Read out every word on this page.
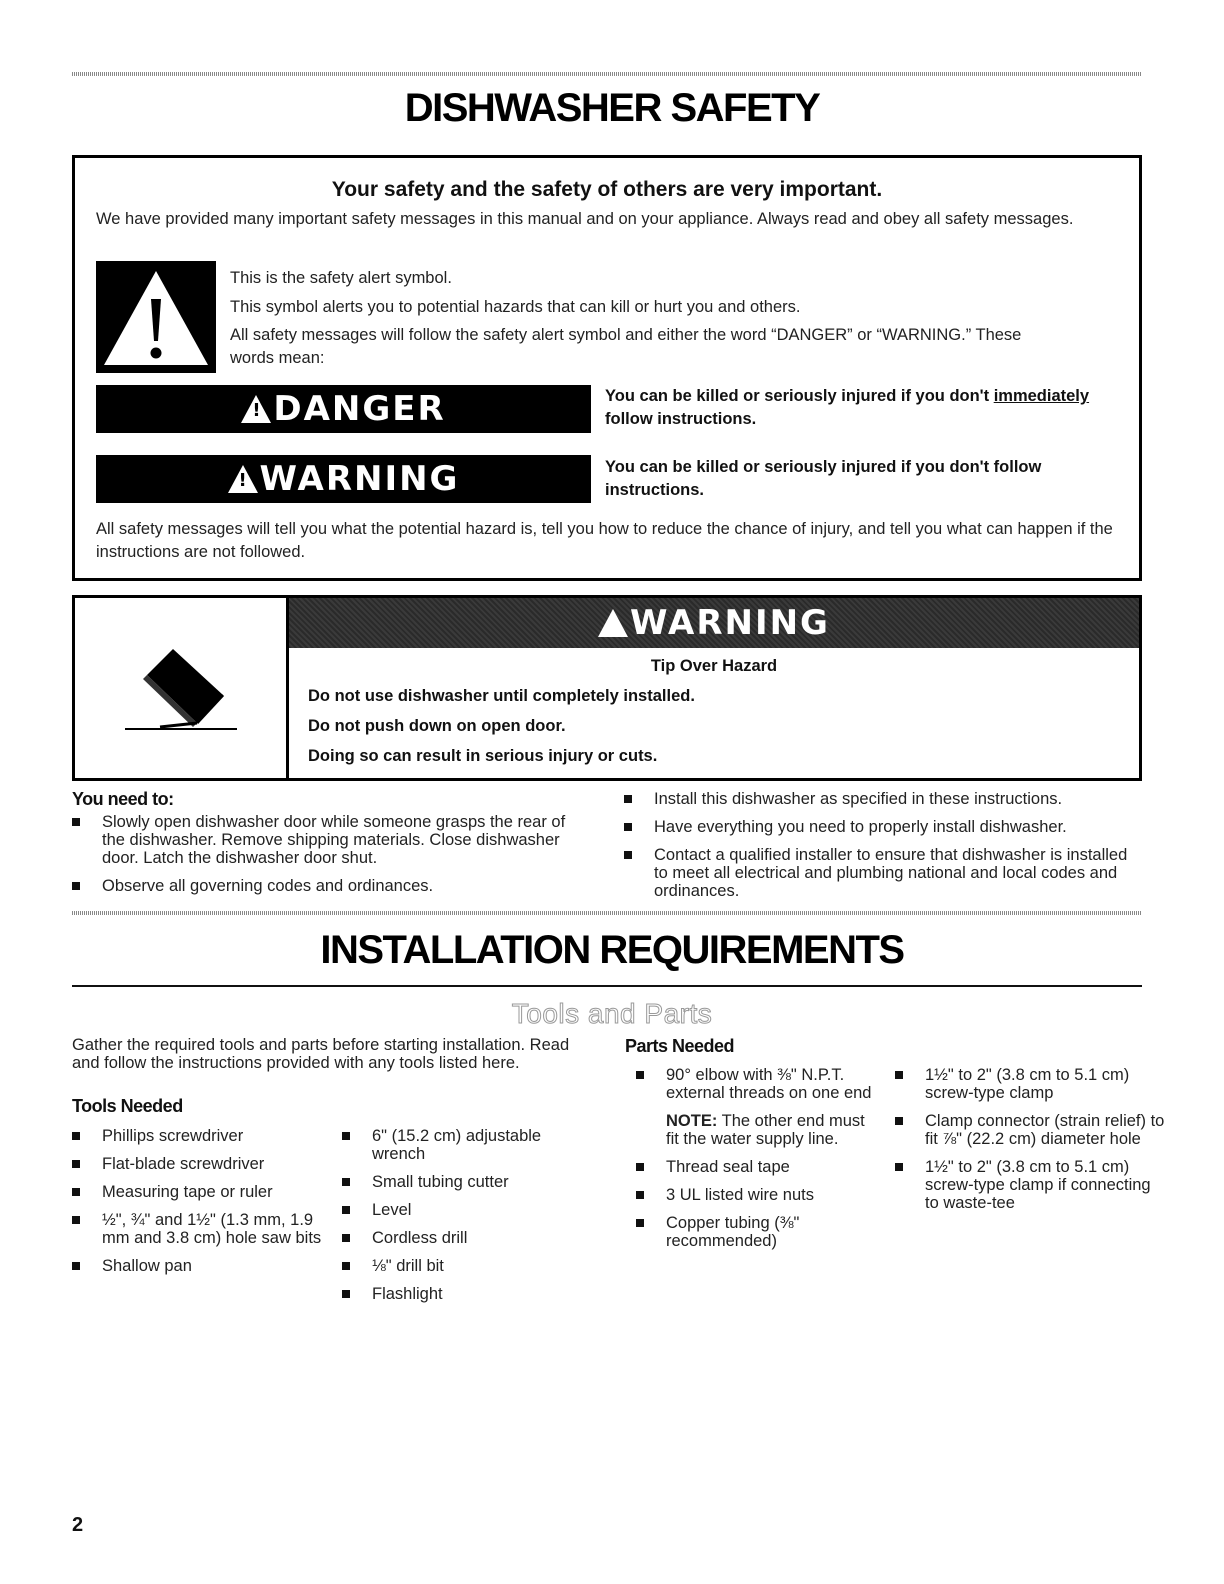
DISHWASHER SAFETY
Your safety and the safety of others are very important.
We have provided many important safety messages in this manual and on your appliance. Always read and obey all safety messages.
This is the safety alert symbol.
This symbol alerts you to potential hazards that can kill or hurt you and others.
All safety messages will follow the safety alert symbol and either the word “DANGER” or “WARNING.” These words mean:
!
DANGER	You can be killed or seriously injured if you don't immediately follow instructions.
!
WARNING	You can be killed or seriously injured if you don't follow instructions.
All safety messages will tell you what the potential hazard is, tell you how to reduce the chance of injury, and tell you what can happen if the instructions are not followed.
WARNING
Tip Over Hazard
Do not use dishwasher until completely installed.
Do not push down on open door.
Doing so can result in serious injury or cuts.
You need to:
Slowly open dishwasher door while someone grasps the rear of the dishwasher. Remove shipping materials. Close dishwasher door. Latch the dishwasher door shut.
Observe all governing codes and ordinances.
Install this dishwasher as specified in these instructions.
Have everything you need to properly install dishwasher.
Contact a qualified installer to ensure that dishwasher is installed to meet all electrical and plumbing national and local codes and ordinances.
INSTALLATION REQUIREMENTS
Tools and Parts
Gather the required tools and parts before starting installation. Read and follow the instructions provided with any tools listed here.
Tools Needed
Phillips screwdriver
Flat-blade screwdriver
Measuring tape or ruler
½", ¾" and 1½" (1.3 mm, 1.9 mm and 3.8 cm) hole saw bits
Shallow pan
6" (15.2 cm) adjustable wrench
Small tubing cutter
Level
Cordless drill
⅛" drill bit
Flashlight
Parts Needed
90° elbow with ⅜" N.P.T. external threads on one end
NOTE: The other end must fit the water supply line.
Thread seal tape
3 UL listed wire nuts
Copper tubing (⅜" recommended)
1½" to 2" (3.8 cm to 5.1 cm) screw-type clamp
Clamp connector (strain relief) to fit ⅞" (22.2 cm) diameter hole
1½" to 2" (3.8 cm to 5.1 cm) screw-type clamp if connecting to waste-tee
2
